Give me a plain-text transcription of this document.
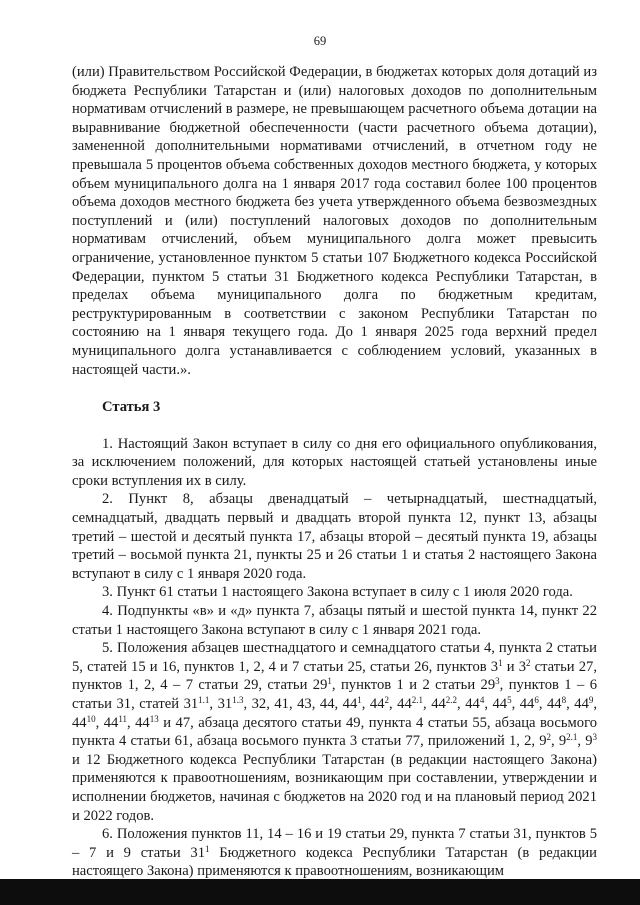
69

(или) Правительством Российской Федерации, в бюджетах которых доля дотаций из бюджета Республики Татарстан и (или) налоговых доходов по дополнительным нормативам отчислений в размере, не превышающем расчетного объема дотации на выравнивание бюджетной обеспеченности (части расчетного объема дотации), замененной дополнительными нормативами отчислений, в отчетном году не превышала 5 процентов объема собственных доходов местного бюджета, у которых объем муниципального долга на 1 января 2017 года составил более 100 процентов объема доходов местного бюджета без учета утвержденного объема безвозмездных поступлений и (или) поступлений налоговых доходов по дополнительным нормативам отчислений, объем муниципального долга может превысить ограничение, установленное пунктом 5 статьи 107 Бюджетного кодекса Российской Федерации, пунктом 5 статьи 31 Бюджетного кодекса Республики Татарстан, в пределах объема муниципального долга по бюджетным кредитам, реструктурированным в соответствии с законом Республики Татарстан по состоянию на 1 января текущего года. До 1 января 2025 года верхний предел муниципального долга устанавливается с соблюдением условий, указанных в настоящей части.».

Статья 3

1. Настоящий Закон вступает в силу со дня его официального опубликования, за исключением положений, для которых настоящей статьей установлены иные сроки вступления их в силу.

2. Пункт 8, абзацы двенадцатый – четырнадцатый, шестнадцатый, семнадцатый, двадцать первый и двадцать второй пункта 12, пункт 13, абзацы третий – шестой и десятый пункта 17, абзацы второй – десятый пункта 19, абзацы третий – восьмой пункта 21, пункты 25 и 26 статьи 1 и статья 2 настоящего Закона вступают в силу с 1 января 2020 года.

3. Пункт 61 статьи 1 настоящего Закона вступает в силу с 1 июля 2020 года.

4. Подпункты «в» и «д» пункта 7, абзацы пятый и шестой пункта 14, пункт 22 статьи 1 настоящего Закона вступают в силу с 1 января 2021 года.

5. Положения абзацев шестнадцатого и семнадцатого статьи 4, пункта 2 статьи 5, статей 15 и 16, пунктов 1, 2, 4 и 7 статьи 25, статьи 26, пунктов $3^1$ и $3^2$ статьи 27, пунктов 1, 2, 4 – 7 статьи 29, статьи $29^1$, пунктов 1 и 2 статьи $29^3$, пунктов 1 – 6 статьи 31, статей $31^{1.1}$, $31^{1.3}$, 32, 41, 43, 44, $44^1$, $44^2$, $44^{2.1}$, $44^{2.2}$, $44^4$, $44^5$, $44^6$, $44^8$, $44^9$, $44^{10}$, $44^{11}$, $44^{13}$ и 47, абзаца десятого статьи 49, пункта 4 статьи 55, абзаца восьмого пункта 4 статьи 61, абзаца восьмого пункта 3 статьи 77, приложений 1, 2, $9^2$, $9^{2.1}$, $9^3$ и 12 Бюджетного кодекса Республики Татарстан (в редакции настоящего Закона) применяются к правоотношениям, возникающим при составлении, утверждении и исполнении бюджетов, начиная с бюджетов на 2020 год и на плановый период 2021 и 2022 годов.

6. Положения пунктов 11, 14 – 16 и 19 статьи 29, пункта 7 статьи 31, пунктов 5 – 7 и 9 статьи $31^1$ Бюджетного кодекса Республики Татарстан (в редакции настоящего Закона) применяются к правоотношениям, возникающим
